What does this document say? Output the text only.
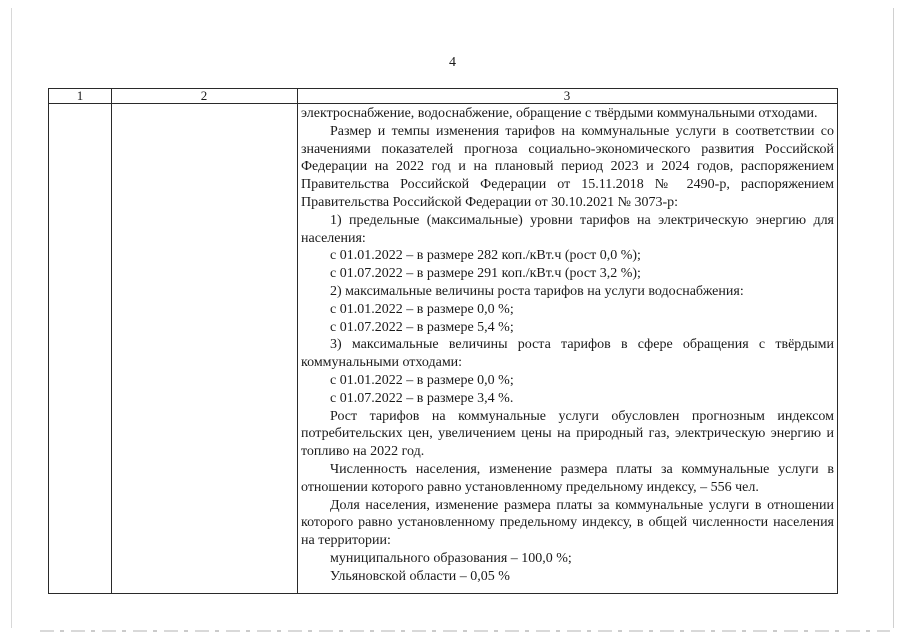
4
1	2	3

электроснабжение, водоснабжение, обращение с твёрдыми коммунальными отходами.

Размер и темпы изменения тарифов на коммунальные услуги в соответствии со значениями показателей прогноза социально-экономического развития Российской Федерации на 2022 год и на плановый период 2023 и 2024 годов, распоряжением Правительства Российской Федерации от 15.11.2018 № 2490-р, распоряжением Правительства Российской Федерации от 30.10.2021 № 3073-р:

1) предельные (максимальные) уровни тарифов на электрическую энергию для населения:

с 01.01.2022 – в размере 282 коп./кВт.ч (рост 0,0 %);

с 01.07.2022 – в размере 291 коп./кВт.ч (рост 3,2 %);

2) максимальные величины роста тарифов на услуги водоснабжения:

с 01.01.2022 – в размере 0,0 %;

с 01.07.2022 – в размере 5,4 %;

3) максимальные величины роста тарифов в сфере обращения с твёрдыми коммунальными отходами:

с 01.01.2022 – в размере 0,0 %;

с 01.07.2022 – в размере 3,4 %.

Рост тарифов на коммунальные услуги обусловлен прогнозным индексом потребительских цен, увеличением цены на природный газ, электрическую энергию и топливо на 2022 год.

Численность населения, изменение размера платы за коммунальные услуги в отношении которого равно установленному предельному индексу, – 556 чел.

Доля населения, изменение размера платы за коммунальные услуги в отношении которого равно установленному предельному индексу, в общей численности населения на территории:

муниципального образования – 100,0 %;

Ульяновской области – 0,05 %
